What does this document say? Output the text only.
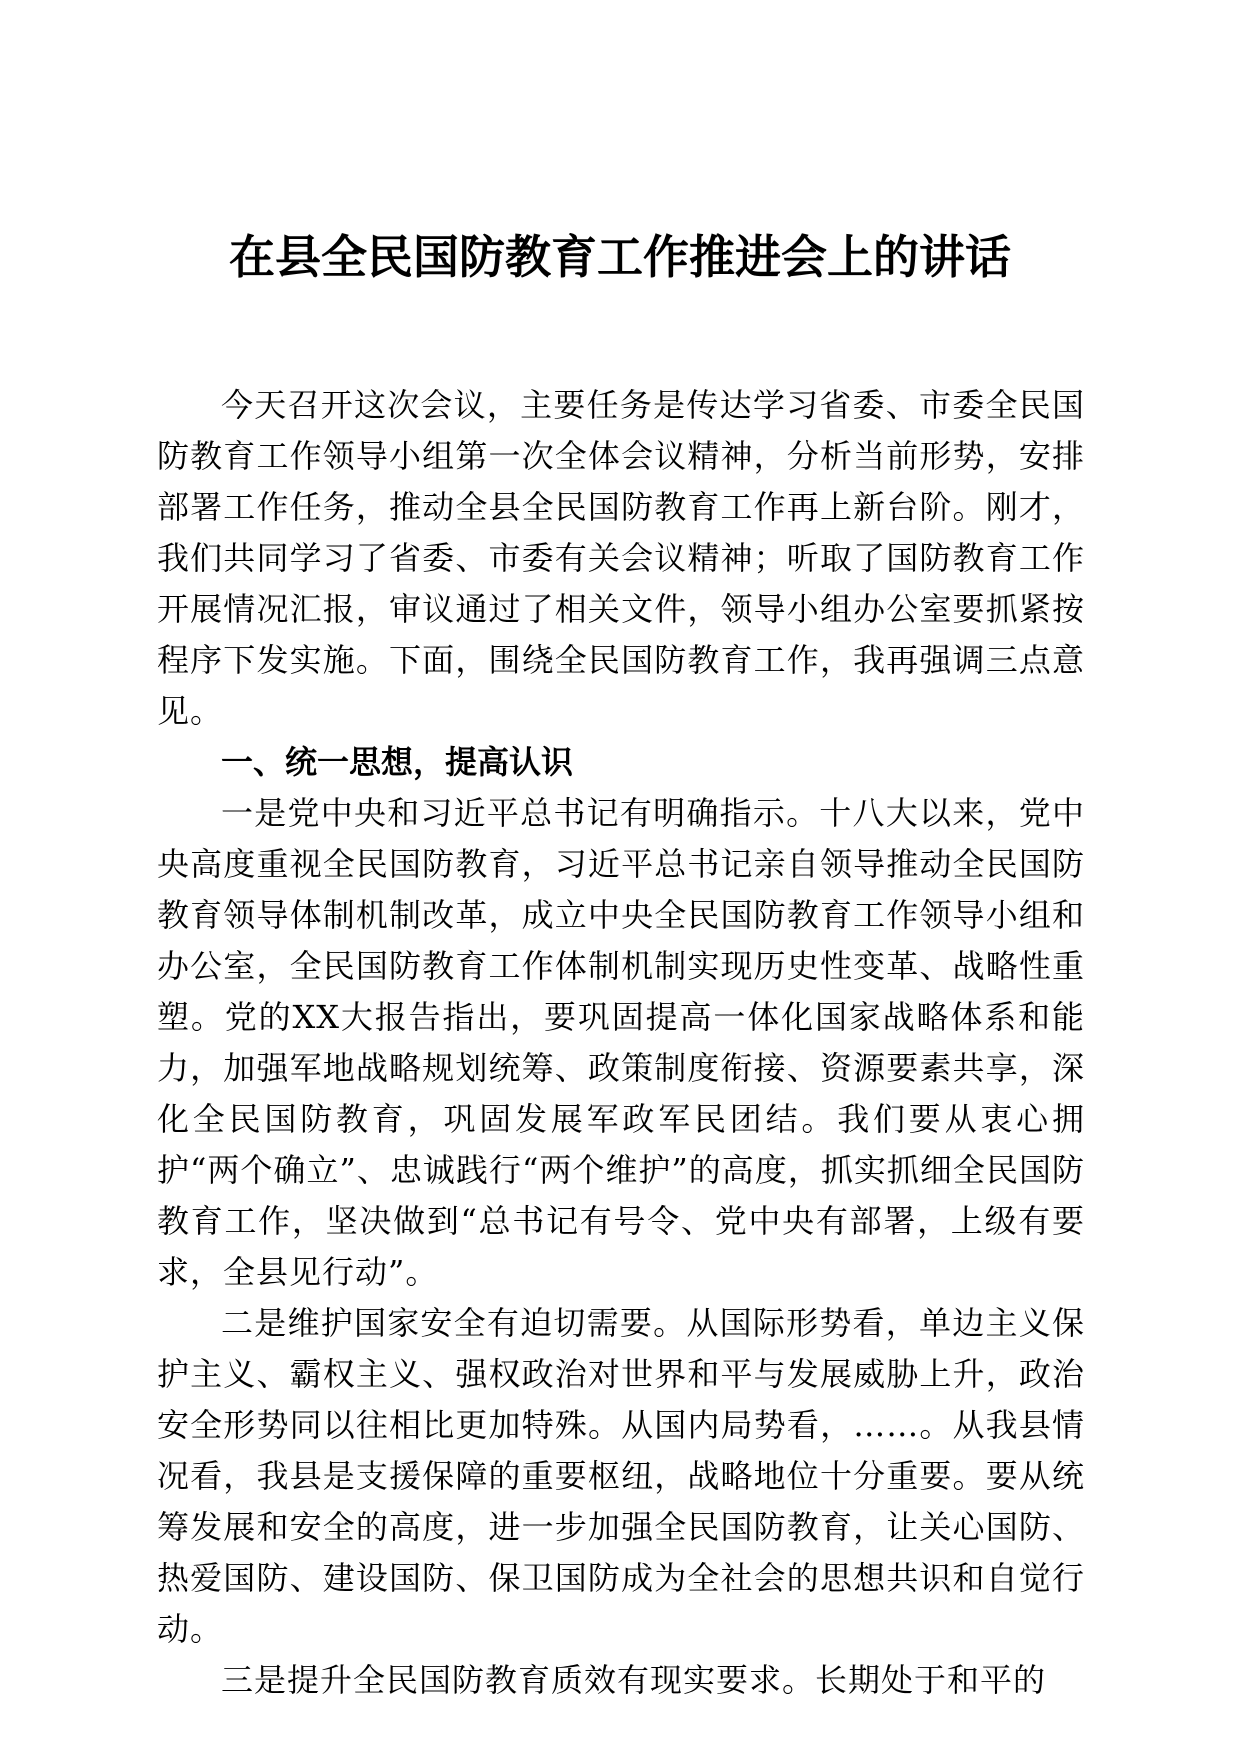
在县全民国防教育工作推进会上的讲话

今天召开这次会议，主要任务是传达学习省委、市委全民国防教育工作领导小组第一次全体会议精神，分析当前形势，安排部署工作任务，推动全县全民国防教育工作再上新台阶。刚才，我们共同学习了省委、市委有关会议精神；听取了国防教育工作开展情况汇报，审议通过了相关文件，领导小组办公室要抓紧按程序下发实施。下面，围绕全民国防教育工作，我再强调三点意见。

一、统一思想，提高认识

一是党中央和习近平总书记有明确指示。十八大以来，党中央高度重视全民国防教育，习近平总书记亲自领导推动全民国防教育领导体制机制改革，成立中央全民国防教育工作领导小组和办公室，全民国防教育工作体制机制实现历史性变革、战略性重塑。党的XX大报告指出，要巩固提高一体化国家战略体系和能力，加强军地战略规划统筹、政策制度衔接、资源要素共享，深化全民国防教育，巩固发展军政军民团结。我们要从衷心拥护“两个确立”、忠诚践行“两个维护”的高度，抓实抓细全民国防教育工作，坚决做到“总书记有号令、党中央有部署，上级有要求，全县见行动”。

二是维护国家安全有迫切需要。从国际形势看，单边主义保护主义、霸权主义、强权政治对世界和平与发展威胁上升，政治安全形势同以往相比更加特殊。从国内局势看，……。从我县情况看，我县是支援保障的重要枢纽，战略地位十分重要。要从统筹发展和安全的高度，进一步加强全民国防教育，让关心国防、热爱国防、建设国防、保卫国防成为全社会的思想共识和自觉行动。

三是提升全民国防教育质效有现实要求。长期处于和平的
